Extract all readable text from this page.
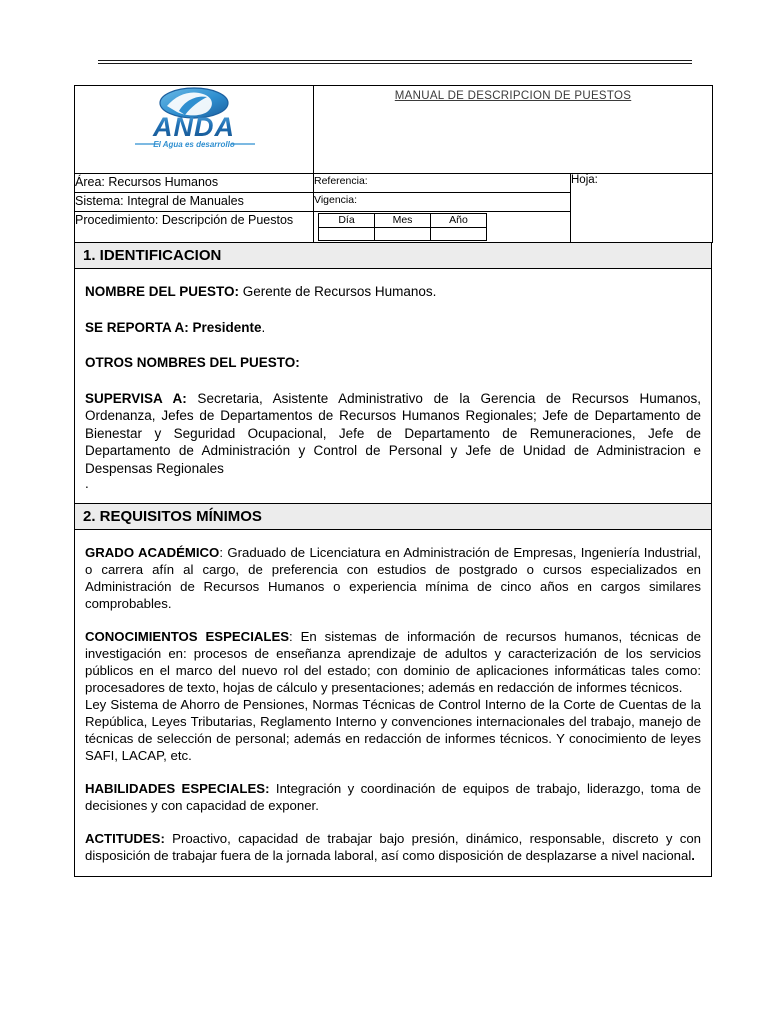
ANDA
El Agua es desarrollo
	MANUAL DE DESCRIPCION DE PUESTOS
Área: Recursos Humanos	Referencia:	Hoja:
Sistema: Integral de Manuales	Vigencia:
Procedimiento: Descripción de Puestos		Día	Mes	Año

1. IDENTIFICACION

NOMBRE DEL PUESTO: Gerente de Recursos Humanos.

SE REPORTA A: Presidente.

OTROS NOMBRES DEL PUESTO:

SUPERVISA A: Secretaria, Asistente Administrativo de la Gerencia de Recursos Humanos, Ordenanza, Jefes de Departamentos de Recursos Humanos Regionales; Jefe de Departamento de Bienestar y Seguridad Ocupacional, Jefe de Departamento de Remuneraciones, Jefe de Departamento de Administración y Control de Personal y Jefe de Unidad de Administracion e Despensas Regionales

.

2. REQUISITOS MÍNIMOS

GRADO ACADÉMICO: Graduado de Licenciatura en Administración de Empresas, Ingeniería Industrial, o carrera afín al cargo, de preferencia con estudios de postgrado o cursos especializados en Administración de Recursos Humanos o experiencia mínima de cinco años en cargos similares comprobables.

CONOCIMIENTOS ESPECIALES: En sistemas de información de recursos humanos, técnicas de investigación en: procesos de enseñanza aprendizaje de adultos y caracterización de los servicios públicos en el marco del nuevo rol del estado; con dominio de aplicaciones informáticas tales como: procesadores de texto, hojas de cálculo y presentaciones; además en redacción de informes técnicos.

Ley Sistema de Ahorro de Pensiones, Normas Técnicas de Control Interno de la Corte de Cuentas de la República, Leyes Tributarias, Reglamento Interno y convenciones internacionales del trabajo, manejo de técnicas de selección de personal; además en redacción de informes técnicos. Y conocimiento de leyes SAFI, LACAP, etc.

HABILIDADES ESPECIALES: Integración y coordinación de equipos de trabajo, liderazgo, toma de decisiones y con capacidad de exponer.

ACTITUDES: Proactivo, capacidad de trabajar bajo presión, dinámico, responsable, discreto y con disposición de trabajar fuera de la jornada laboral, así como disposición de desplazarse a nivel nacional.
